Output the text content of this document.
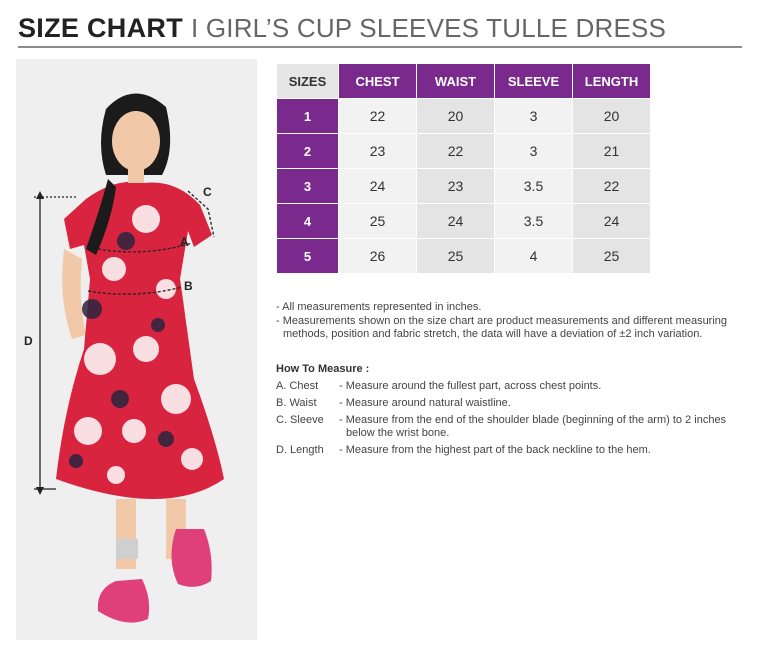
SIZE CHART I GIRL’S CUP SLEEVES TULLE DRESS
D
A
B
C
SIZES	CHEST	WAIST	SLEEVE	LENGTH
1	22	20	3	20
2	23	22	3	21
3	24	23	3.5	22
4	25	24	3.5	24
5	26	25	4	25
- All measurements represented in inches.
- Measurements shown on the size chart are product measurements and different measuring methods, position and fabric stretch, the data will have a deviation of ±2 inch variation.
How To Measure :
A. Chest	- Measure around the fullest part, across chest points.
B. Waist	- Measure around natural waistline.
C. Sleeve	- Measure from the end of the shoulder blade (beginning of the arm) to 2 inches below the wrist bone.
D. Length	- Measure from the highest part of the back neckline to the hem.
